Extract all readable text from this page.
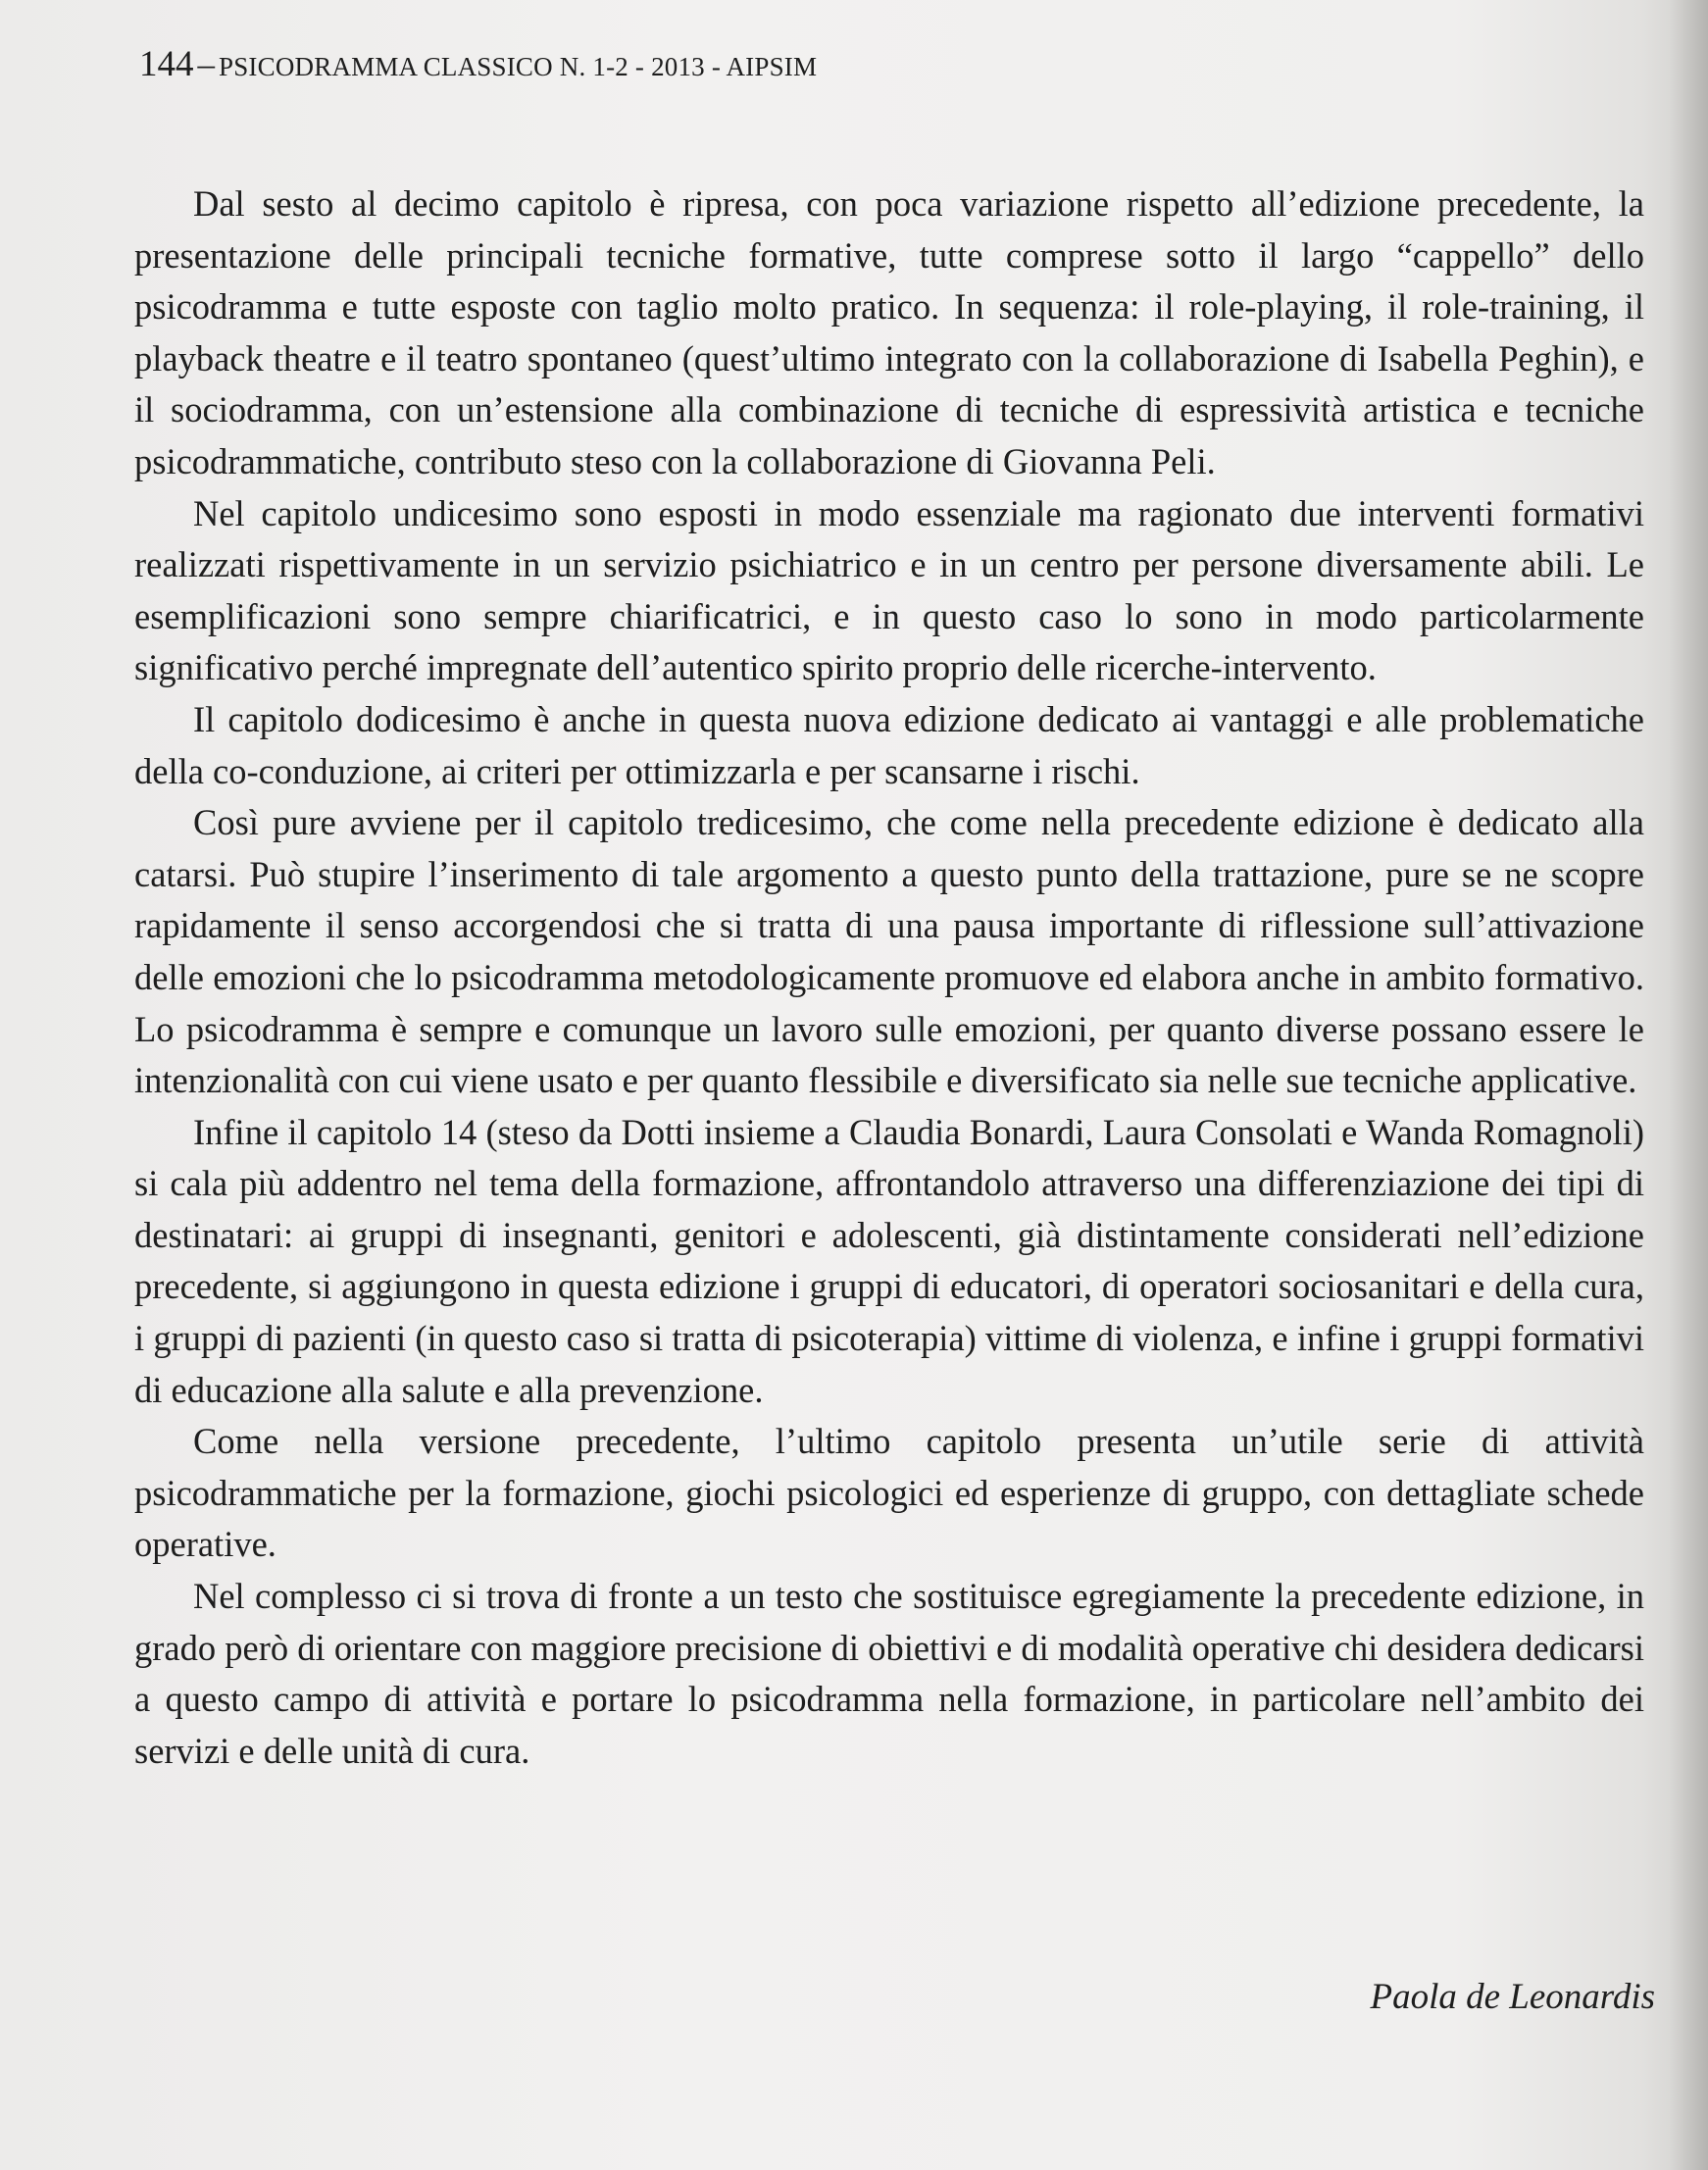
144 – PSICODRAMMA CLASSICO N. 1-2 - 2013 - AIPSIM

Dal sesto al decimo capitolo è ripresa, con poca variazione rispetto all’edizione precedente, la presentazione delle principali tecniche formative, tutte comprese sotto il largo “cappello” dello psicodramma e tutte esposte con taglio molto pratico. In sequenza: il role-playing, il role-training, il playback theatre e il teatro spontaneo (quest’ultimo integrato con la collaborazione di Isabella Peghin), e il sociodramma, con un’estensione alla combinazione di tecniche di espressività artistica e tecniche psicodrammatiche, contributo steso con la collaborazione di Giovanna Peli.

Nel capitolo undicesimo sono esposti in modo essenziale ma ragionato due interventi formativi realizzati rispettivamente in un servizio psichiatrico e in un centro per persone diversamente abili. Le esemplificazioni sono sempre chiarificatrici, e in questo caso lo sono in modo particolarmente significativo perché impregnate dell’autentico spirito proprio delle ricerche-intervento.

Il capitolo dodicesimo è anche in questa nuova edizione dedicato ai vantaggi e alle problematiche della co-conduzione, ai criteri per ottimizzarla e per scansarne i rischi.

Così pure avviene per il capitolo tredicesimo, che come nella precedente edizione è dedicato alla catarsi. Può stupire l’inserimento di tale argomento a questo punto della trattazione, pure se ne scopre rapidamente il senso accorgendosi che si tratta di una pausa importante di riflessione sull’attivazione delle emozioni che lo psicodramma metodologicamente promuove ed elabora anche in ambito formativo. Lo psicodramma è sempre e comunque un lavoro sulle emozioni, per quanto diverse possano essere le intenzionalità con cui viene usato e per quanto flessibile e diversificato sia nelle sue tecniche applicative.

Infine il capitolo 14 (steso da Dotti insieme a Claudia Bonardi, Laura Consolati e Wanda Romagnoli) si cala più addentro nel tema della formazione, affrontandolo attraverso una differenziazione dei tipi di destinatari: ai gruppi di insegnanti, genitori e adolescenti, già distintamente considerati nell’edizione precedente, si aggiungono in questa edizione i gruppi di educatori, di operatori sociosanitari e della cura, i gruppi di pazienti (in questo caso si tratta di psicoterapia) vittime di violenza, e infine i gruppi formativi di educazione alla salute e alla prevenzione.

Come nella versione precedente, l’ultimo capitolo presenta un’utile serie di attività psicodrammatiche per la formazione, giochi psicologici ed esperienze di gruppo, con dettagliate schede operative.

Nel complesso ci si trova di fronte a un testo che sostituisce egregiamente la precedente edizione, in grado però di orientare con maggiore precisione di obiettivi e di modalità operative chi desidera dedicarsi a questo campo di attività e portare lo psicodramma nella formazione, in particolare nell’ambito dei servizi e delle unità di cura.

Paola de Leonardis
